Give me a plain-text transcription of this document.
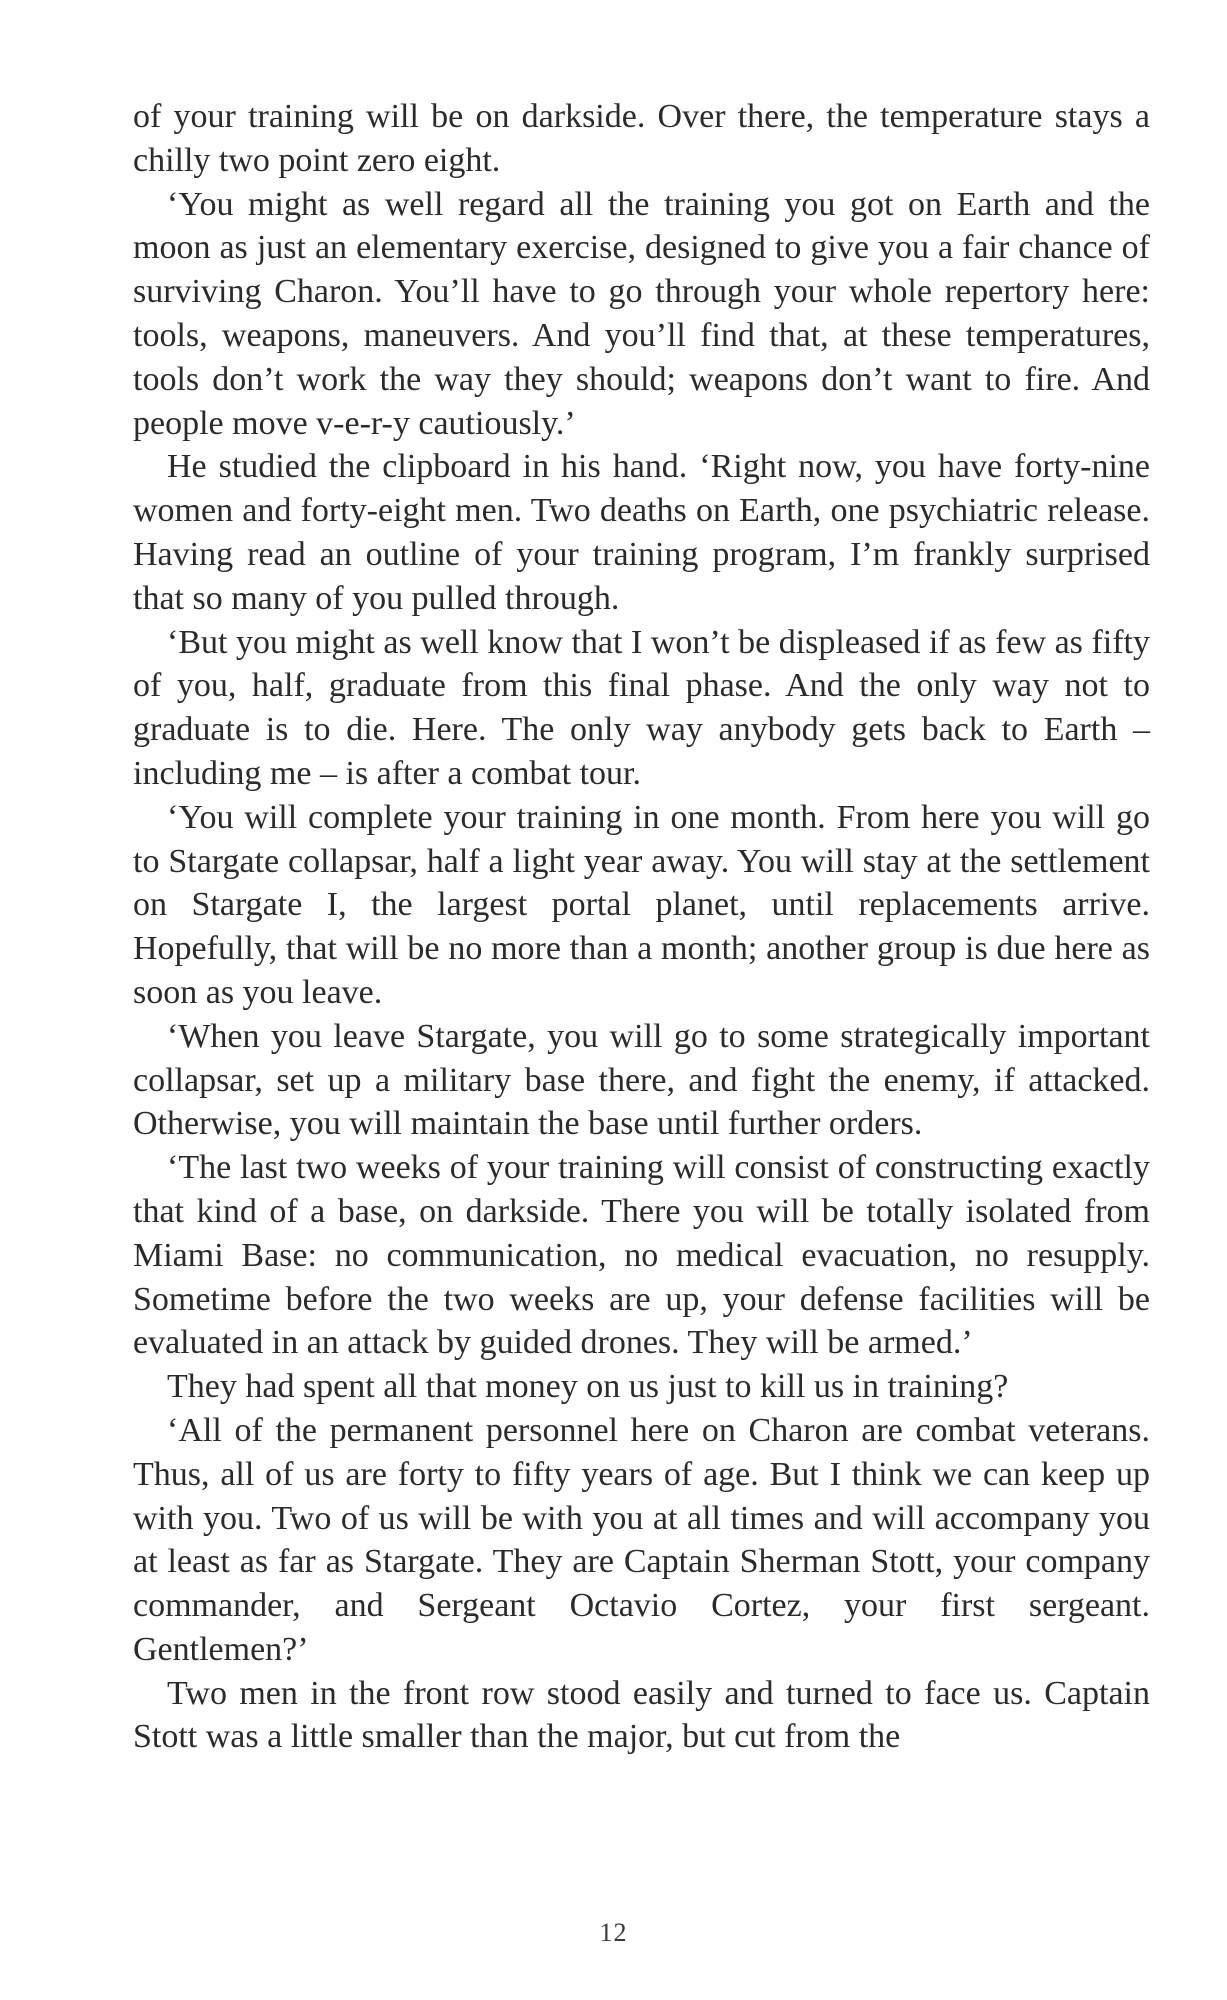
of your training will be on darkside. Over there, the temperature stays a chilly two point zero eight.

‘You might as well regard all the training you got on Earth and the moon as just an elementary exercise, designed to give you a fair chance of surviving Charon. You’ll have to go through your whole repertory here: tools, weapons, maneuvers. And you’ll find that, at these temperatures, tools don’t work the way they should; weapons don’t want to fire. And people move v-e-r-y cautiously.’

He studied the clipboard in his hand. ‘Right now, you have forty-nine women and forty-eight men. Two deaths on Earth, one psychiatric release. Having read an outline of your training program, I’m frankly surprised that so many of you pulled through.

‘But you might as well know that I won’t be displeased if as few as fifty of you, half, graduate from this final phase. And the only way not to graduate is to die. Here. The only way anybody gets back to Earth – including me – is after a combat tour.

‘You will complete your training in one month. From here you will go to Stargate collapsar, half a light year away. You will stay at the settlement on Stargate I, the largest portal planet, until replacements arrive. Hopefully, that will be no more than a month; another group is due here as soon as you leave.

‘When you leave Stargate, you will go to some strategically important collapsar, set up a military base there, and fight the enemy, if attacked. Otherwise, you will maintain the base until further orders.

‘The last two weeks of your training will consist of constructing exactly that kind of a base, on darkside. There you will be totally isolated from Miami Base: no communication, no medical evacuation, no resupply. Sometime before the two weeks are up, your defense facilities will be evaluated in an attack by guided drones. They will be armed.’

They had spent all that money on us just to kill us in training?

‘All of the permanent personnel here on Charon are combat veterans. Thus, all of us are forty to fifty years of age. But I think we can keep up with you. Two of us will be with you at all times and will accompany you at least as far as Stargate. They are Captain Sherman Stott, your company commander, and Sergeant Octavio Cortez, your first sergeant. Gentlemen?’

Two men in the front row stood easily and turned to face us. Captain Stott was a little smaller than the major, but cut from the

12
